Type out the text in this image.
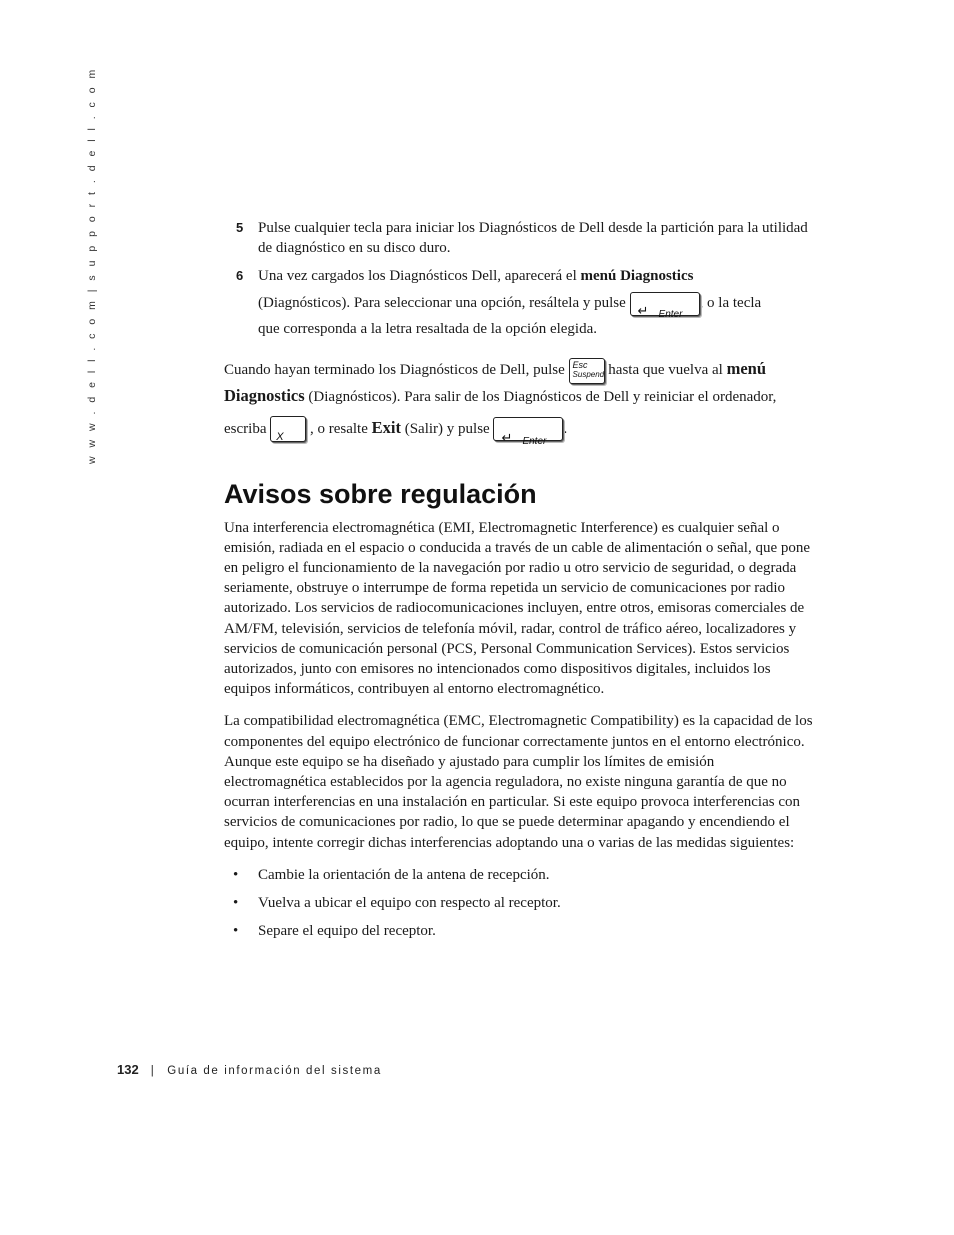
w w w . d e l l . c o m | s u p p o r t . d e l l . c o m	5 Pulse cualquier tecla para iniciar los Diagnósticos de Dell desde la partición para la utilidad de diagnóstico en su disco duro.

6 Una vez cargados los Diagnósticos Dell, aparecerá el menú Diagnostics
(Diagnósticos). Para seleccionar una opción, resáltela y pulse ↵ Enter
, o la tecla
que corresponda a la letra resaltada de la opción elegida.
Cuando hayan terminado los Diagnósticos de Dell, pulse Esc
Suspend hasta que vuelva al menú
Diagnostics (Diagnósticos). Para salir de los Diagnósticos de Dell y reiniciar el ordenador,
escriba
X
, o resalte Exit (Salir) y pulse
↵ Enter
.
Avisos sobre regulación

Una interferencia electromagnética (EMI, Electromagnetic Interference) es cualquier señal o emisión, radiada en el espacio o conducida a través de un cable de alimentación o señal, que pone en peligro el funcionamiento de la navegación por radio u otro servicio de seguridad, o degrada seriamente, obstruye o interrumpe de forma repetida un servicio de comunicaciones por radio autorizado. Los servicios de radiocomunicaciones incluyen, entre otros, emisoras comerciales de AM/FM, televisión, servicios de telefonía móvil, radar, control de tráfico aéreo, localizadores y servicios de comunicación personal (PCS, Personal Communication Services). Estos servicios autorizados, junto con emisores no intencionados como dispositivos digitales, incluidos los equipos informáticos, contribuyen al entorno electromagnético.

La compatibilidad electromagnética (EMC, Electromagnetic Compatibility) es la capacidad de los componentes del equipo electrónico de funcionar correctamente juntos en el entorno electrónico. Aunque este equipo se ha diseñado y ajustado para cumplir los límites de emisión electromagnética establecidos por la agencia reguladora, no existe ninguna garantía de que no ocurran interferencias en una instalación en particular. Si este equipo provoca interferencias con servicios de comunicaciones por radio, lo que se puede determinar apagando y encendiendo el equipo, intente corregir dichas interferencias adoptando una o varias de las medidas siguientes:

• Cambie la orientación de la antena de recepción.
• Vuelva a ubicar el equipo con respecto al receptor.
• Separe el equipo del receptor.
132 | Guía de información del sistema
